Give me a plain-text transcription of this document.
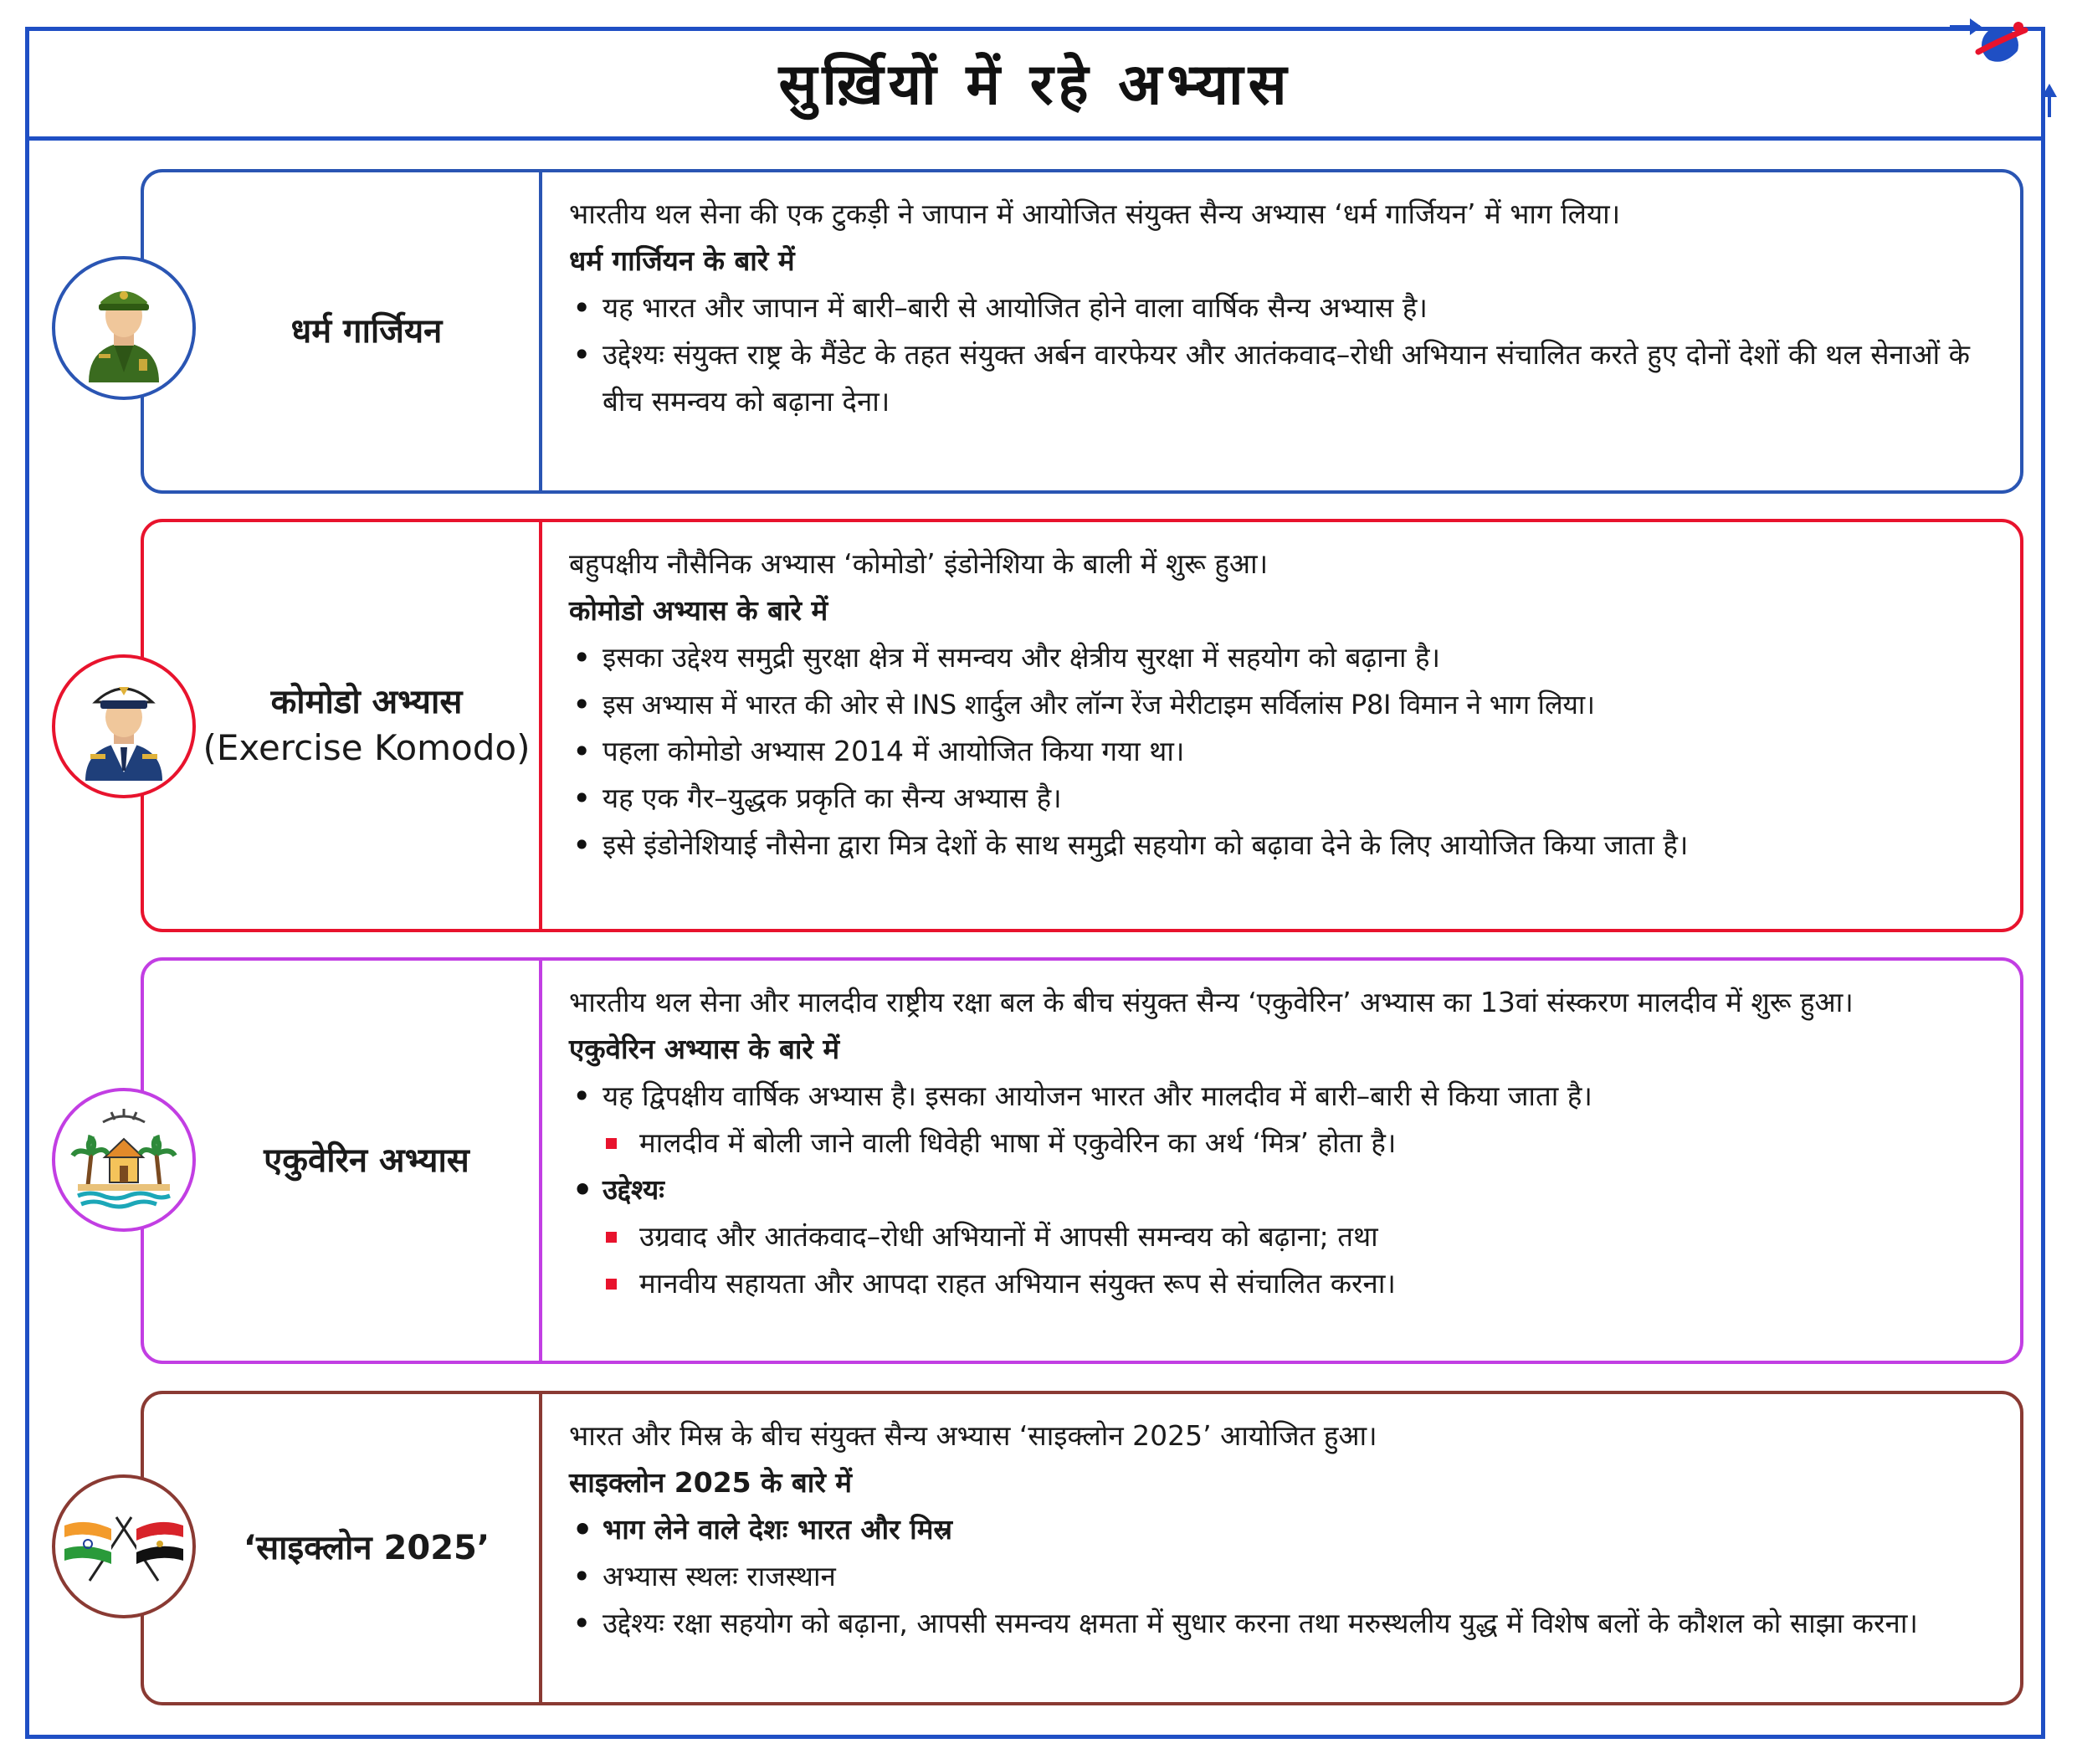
सुर्ख़ियों में रहे अभ्यास
धर्म गार्जियन

भारतीय थल सेना की एक टुकड़ी ने जापान में आयोजित संयुक्त सैन्य अभ्यास ‘धर्म गार्जियन’ में भाग लिया।

धर्म गार्जियन के बारे में

• यह भारत और जापान में बारी–बारी से आयोजित होने वाला वार्षिक सैन्य अभ्यास है।
• उद्देश्यः संयुक्त राष्ट्र के मैंडेट के तहत संयुक्त अर्बन वारफेयर और आतंकवाद–रोधी अभियान संचालित करते हुए दोनों देशों की थल सेनाओं के बीच समन्वय को बढ़ाना देना।
कोमोडो अभ्यास
(Exercise Komodo)

बहुपक्षीय नौसैनिक अभ्यास ‘कोमोडो’ इंडोनेशिया के बाली में शुरू हुआ।

कोमोडो अभ्यास के बारे में

• इसका उद्देश्य समुद्री सुरक्षा क्षेत्र में समन्वय और क्षेत्रीय सुरक्षा में सहयोग को बढ़ाना है।
• इस अभ्यास में भारत की ओर से INS शार्दुल और लॉन्ग रेंज मेरीटाइम सर्विलांस P8I विमान ने भाग लिया।
• पहला कोमोडो अभ्यास 2014 में आयोजित किया गया था।
• यह एक गैर–युद्धक प्रकृति का सैन्य अभ्यास है।
• इसे इंडोनेशियाई नौसेना द्वारा मित्र देशों के साथ समुद्री सहयोग को बढ़ावा देने के लिए आयोजित किया जाता है।
एकुवेरिन अभ्यास

भारतीय थल सेना और मालदीव राष्ट्रीय रक्षा बल के बीच संयुक्त सैन्य ‘एकुवेरिन’ अभ्यास का 13वां संस्करण मालदीव में शुरू हुआ।

एकुवेरिन अभ्यास के बारे में

• यह द्विपक्षीय वार्षिक अभ्यास है। इसका आयोजन भारत और मालदीव में बारी–बारी से किया जाता है।
मालदीव में बोली जाने वाली धिवेही भाषा में एकुवेरिन का अर्थ ‘मित्र’ होता है।
• उद्देश्यः
उग्रवाद और आतंकवाद–रोधी अभियानों में आपसी समन्वय को बढ़ाना; तथा
मानवीय सहायता और आपदा राहत अभियान संयुक्त रूप से संचालित करना।
‘साइक्लोन 2025’

भारत और मिस्र के बीच संयुक्त सैन्य अभ्यास ‘साइक्लोन 2025’ आयोजित हुआ।

साइक्लोन 2025 के बारे में

• भाग लेने वाले देशः भारत और मिस्र
• अभ्यास स्थलः राजस्थान
• उद्देश्यः रक्षा सहयोग को बढ़ाना, आपसी समन्वय क्षमता में सुधार करना तथा मरुस्थलीय युद्ध में विशेष बलों के कौशल को साझा करना।
